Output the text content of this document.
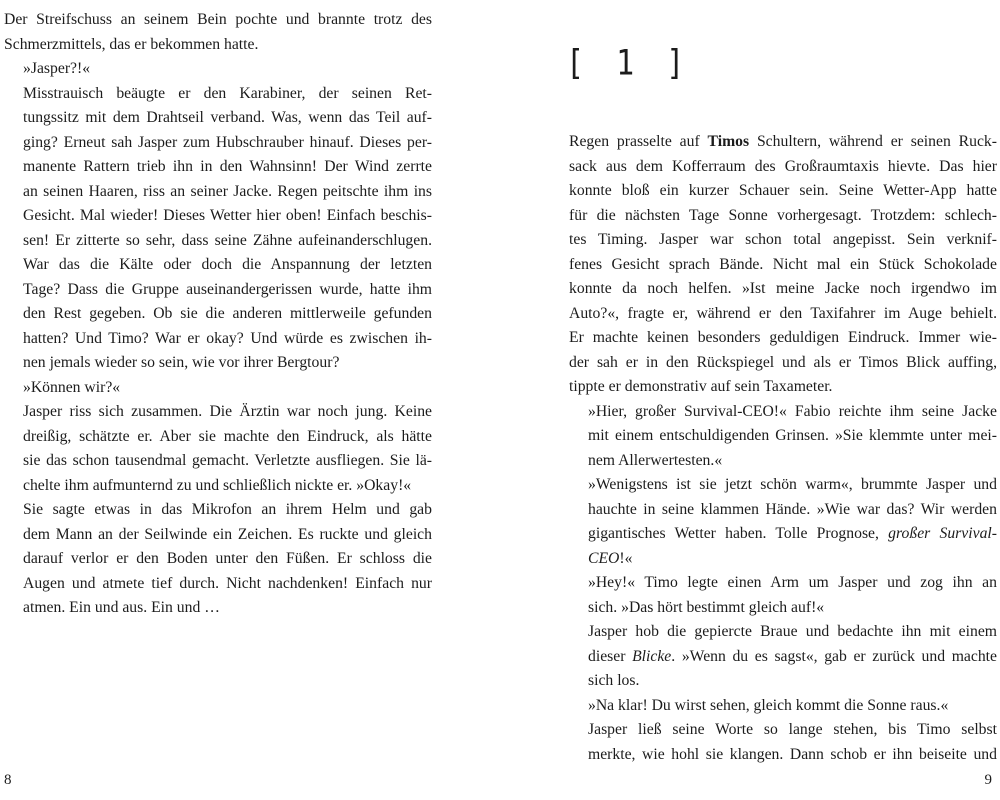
Der Streifschuss an seinem Bein pochte und brannte trotz des
Schmerzmittels, das er bekommen hatte.

»Jasper?!«

Misstrauisch beäugte er den Karabiner, der seinen Ret-
tungssitz mit dem Drahtseil verband. Was, wenn das Teil auf-
ging? Erneut sah Jasper zum Hubschrauber hinauf. Dieses per-
manente Rattern trieb ihn in den Wahnsinn! Der Wind zerrte
an seinen Haaren, riss an seiner Jacke. Regen peitschte ihm ins
Gesicht. Mal wieder! Dieses Wetter hier oben! Einfach beschis-
sen! Er zitterte so sehr, dass seine Zähne aufeinanderschlugen.
War das die Kälte oder doch die Anspannung der letzten
Tage? Dass die Gruppe auseinandergerissen wurde, hatte ihm
den Rest gegeben. Ob sie die anderen mittlerweile gefunden
hatten? Und Timo? War er okay? Und würde es zwischen ih-
nen jemals wieder so sein, wie vor ihrer Bergtour?

»Können wir?«

Jasper riss sich zusammen. Die Ärztin war noch jung. Keine
dreißig, schätzte er. Aber sie machte den Eindruck, als hätte
sie das schon tausendmal gemacht. Verletzte ausfliegen. Sie lä-
chelte ihm aufmunternd zu und schließlich nickte er. »Okay!«

Sie sagte etwas in das Mikrofon an ihrem Helm und gab
dem Mann an der Seilwinde ein Zeichen. Es ruckte und gleich
darauf verlor er den Boden unter den Füßen. Er schloss die
Augen und atmete tief durch. Nicht nachdenken! Einfach nur
atmen. Ein und aus. Ein und …

8
[ 1 ]

Regen prasselte auf Timos Schultern, während er seinen Ruck-
sack aus dem Kofferraum des Großraumtaxis hievte. Das hier
konnte bloß ein kurzer Schauer sein. Seine Wetter-App hatte
für die nächsten Tage Sonne vorhergesagt. Trotzdem: schlech-
tes Timing. Jasper war schon total angepisst. Sein verknif-
fenes Gesicht sprach Bände. Nicht mal ein Stück Schokolade
konnte da noch helfen. »Ist meine Jacke noch irgendwo im
Auto?«, fragte er, während er den Taxifahrer im Auge behielt.
Er machte keinen besonders geduldigen Eindruck. Immer wie-
der sah er in den Rückspiegel und als er Timos Blick auffing,
tippte er demonstrativ auf sein Taxameter.

»Hier, großer Survival-CEO!« Fabio reichte ihm seine Jacke
mit einem entschuldigenden Grinsen. »Sie klemmte unter mei-
nem Allerwertesten.«

»Wenigstens ist sie jetzt schön warm«, brummte Jasper und
hauchte in seine klammen Hände. »Wie war das? Wir werden
gigantisches Wetter haben. Tolle Prognose, großer Survival-
CEO!«

»Hey!« Timo legte einen Arm um Jasper und zog ihn an
sich. »Das hört bestimmt gleich auf!«

Jasper hob die gepiercte Braue und bedachte ihn mit einem
dieser Blicke. »Wenn du es sagst«, gab er zurück und machte
sich los.

»Na klar! Du wirst sehen, gleich kommt die Sonne raus.«

Jasper ließ seine Worte so lange stehen, bis Timo selbst
merkte, wie hohl sie klangen. Dann schob er ihn beiseite und

9
